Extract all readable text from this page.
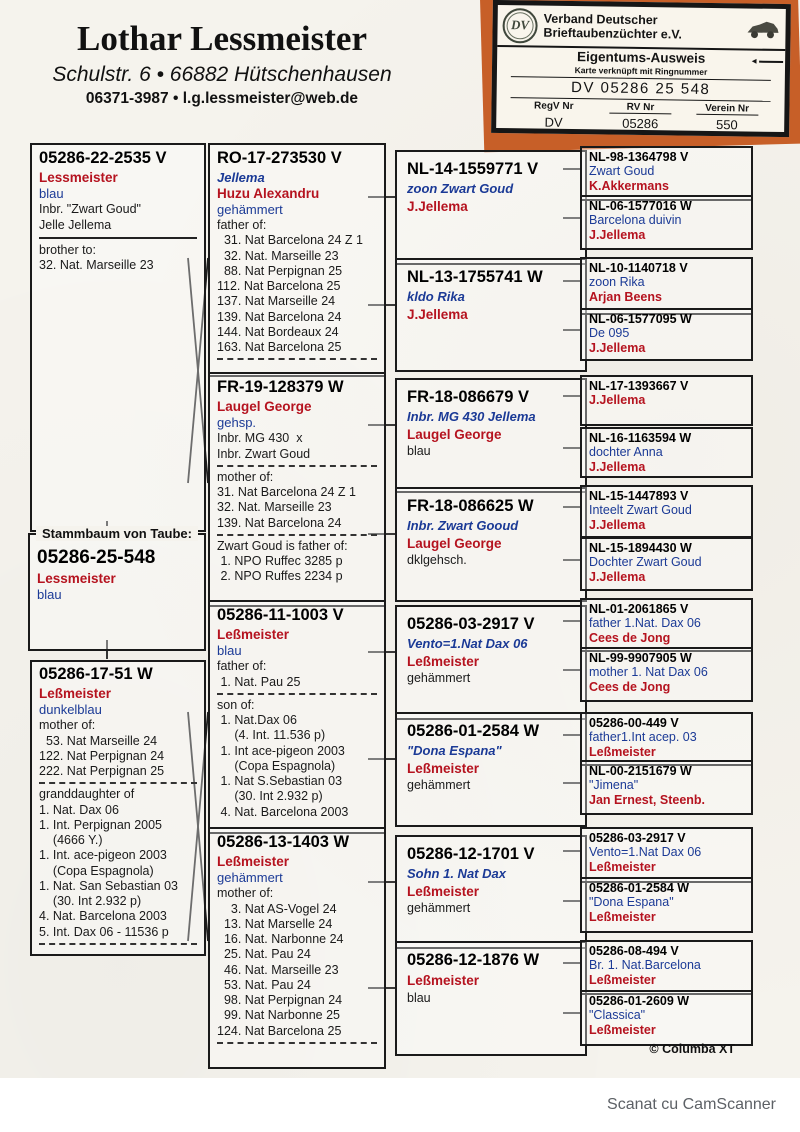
Lothar Lessmeister
Schulstr. 6 • 66882 Hütschenhausen
06371-3987 • l.g.lessmeister@web.de
DV	Verband Deutscher
Brieftaubenzüchter e.V.
Eigentums-Ausweis	◄
Karte verknüpft mit Ringnummer
DV 05286 25 548
RegV Nr	RV Nr	Verein Nr
DV	05286	550
05286-22-2535 V
Lessmeister
blau
Inbr. "Zwart Goud"
Jelle Jellema
brother to:
32. Nat. Marseille 23
Stammbaum von Taube:
05286-25-548
Lessmeister
blau
05286-17-51 W
Leßmeister
dunkelblau
mother of:
53. Nat Marseille 24
122. Nat Perpignan 24
222. Nat Perpignan 25
granddaughter of
1. Nat. Dax 06
1. Int. Perpignan 2005
(4666 Y.)
1. Int. ace-pigeon 2003
(Copa Espagnola)
1. Nat. San Sebastian 03
(30. Int 2.932 p)
4. Nat. Barcelona 2003
5. Int. Dax 06 - 11536 p
RO-17-273530 V
Jellema
Huzu Alexandru
gehämmert
father of:
31. Nat Barcelona 24 Z 1
32. Nat. Marseille 23
88. Nat Perpignan 25
112. Nat Barcelona 25
137. Nat Marseille 24
139. Nat Barcelona 24
144. Nat Bordeaux 24
163. Nat Barcelona 25
FR-19-128379 W
Laugel George
gehsp.
Inbr. MG 430  x
Inbr. Zwart Goud
mother of:
31. Nat Barcelona 24 Z 1
32. Nat. Marseille 23
139. Nat Barcelona 24
Zwart Goud is father of:
1. NPO Ruffec 3285 p
2. NPO Ruffes 2234 p
05286-11-1003 V
Leßmeister
blau
father of:
1. Nat. Pau 25
son of:
1. Nat.Dax 06
(4. Int. 11.536 p)
1. Int ace-pigeon 2003
(Copa Espagnola)
1. Nat S.Sebastian 03
(30. Int 2.932 p)
4. Nat. Barcelona 2003
05286-13-1403 W
Leßmeister
gehämmert
mother of:
3. Nat AS-Vogel 24
13. Nat Marselle 24
16. Nat. Narbonne 24
25. Nat. Pau 24
46. Nat. Marseille 23
53. Nat. Pau 24
98. Nat Perpignan 24
99. Nat Narbonne 25
124. Nat Barcelona 25
NL-14-1559771 V
zoon Zwart Goud
J.Jellema
NL-13-1755741 W
kldo Rika
J.Jellema
FR-18-086679 V
Inbr. MG 430 Jellema
Laugel George
blau
FR-18-086625 W
Inbr. Zwart Gooud
Laugel George
dklgehsch.
05286-03-2917 V
Vento=1.Nat Dax 06
Leßmeister
gehämmert
05286-01-2584 W
"Dona Espana"
Leßmeister
gehämmert
05286-12-1701 V
Sohn 1. Nat Dax
Leßmeister
gehämmert
05286-12-1876 W
Leßmeister
blau
NL-98-1364798 V
Zwart Goud
K.Akkermans
NL-06-1577016 W
Barcelona duivin
J.Jellema
NL-10-1140718 V
zoon Rika
Arjan Beens
NL-06-1577095 W
De 095
J.Jellema
NL-17-1393667 V
J.Jellema
NL-16-1163594 W
dochter Anna
J.Jellema
NL-15-1447893 V
Inteelt Zwart Goud
J.Jellema
NL-15-1894430 W
Dochter Zwart Goud
J.Jellema
NL-01-2061865 V
father 1.Nat. Dax 06
Cees de Jong
NL-99-9907905 W
mother 1. Nat Dax 06
Cees de Jong
05286-00-449 V
father1.Int acep. 03
Leßmeister
NL-00-2151679 W
"Jimena"
Jan Ernest, Steenb.
05286-03-2917 V
Vento=1.Nat Dax 06
Leßmeister
05286-01-2584 W
"Dona Espana"
Leßmeister
05286-08-494 V
Br. 1. Nat.Barcelona
Leßmeister
05286-01-2609 W
"Classica"
Leßmeister
© Columba XT
Scanat cu CamScanner
